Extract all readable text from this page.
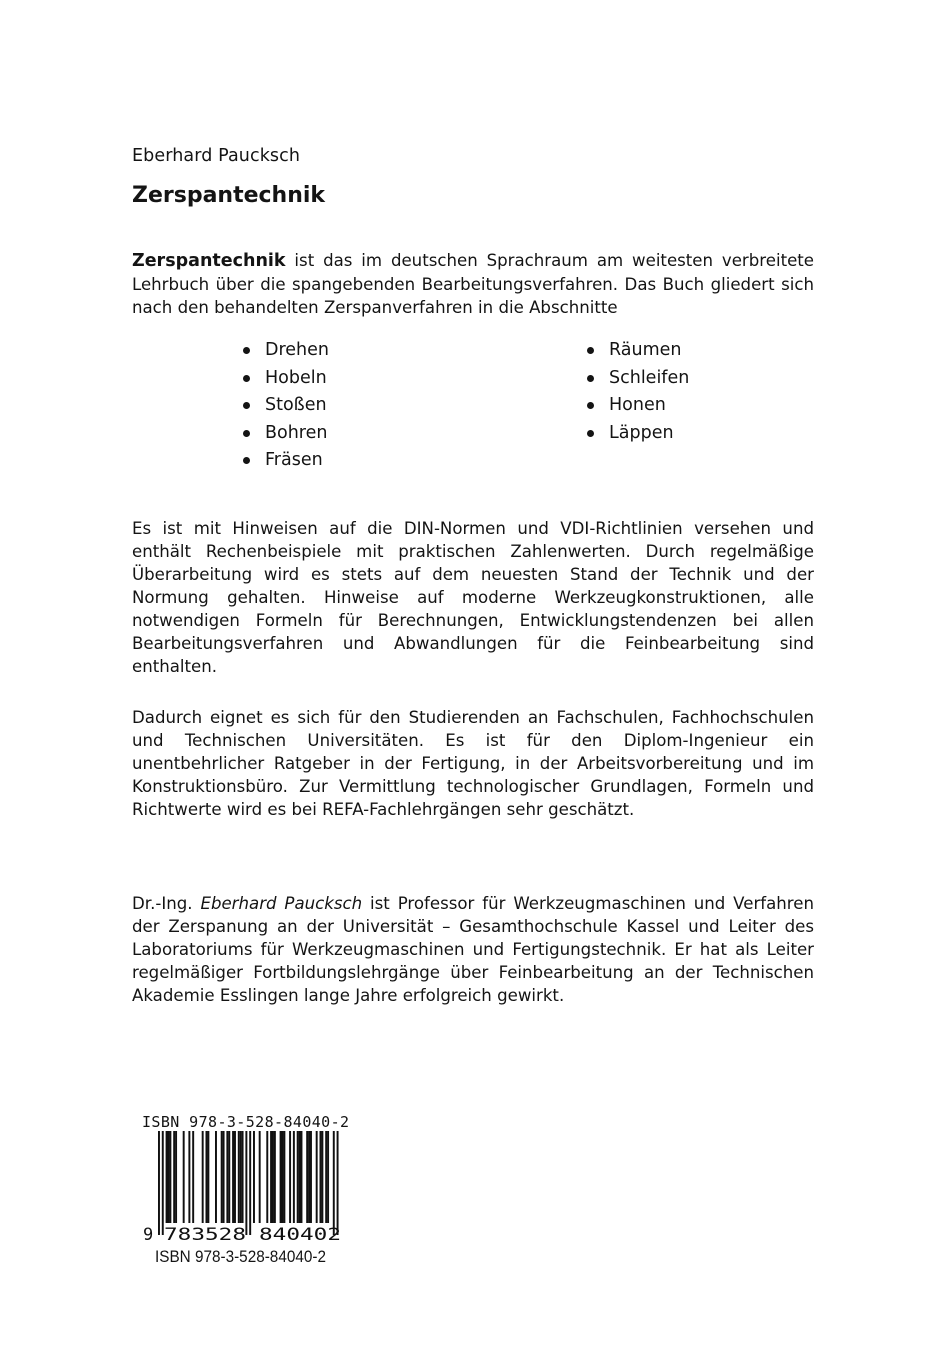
Eberhard Paucksch
Zerspantechnik

Zerspantechnik ist das im deutschen Sprachraum am weitesten verbreitete Lehrbuch über die spangebenden Bearbeitungsverfahren. Das Buch gliedert sich nach den behandelten Zerspanverfahren in die Abschnitte

Drehen
Hobeln
Stoßen
Bohren
Fräsen
Räumen
Schleifen
Honen
Läppen

Es ist mit Hinweisen auf die DIN-Normen und VDI-Richtlinien versehen und enthält Rechenbeispiele mit praktischen Zahlenwerten. Durch regelmäßige Überarbeitung wird es stets auf dem neuesten Stand der Technik und der Normung gehalten. Hinweise auf moderne Werkzeugkonstruktionen, alle notwendigen Formeln für Berechnungen, Entwicklungstendenzen bei allen Bearbeitungsverfahren und Abwandlungen für die Feinbearbeitung sind enthalten.

Dadurch eignet es sich für den Studierenden an Fachschulen, Fachhochschulen und Technischen Universitäten. Es ist für den Diplom-Ingenieur ein unentbehrlicher Ratgeber in der Fertigung, in der Arbeitsvorbereitung und im Konstruktionsbüro. Zur Vermittlung technologischer Grundlagen, Formeln und Richtwerte wird es bei REFA-Fachlehrgängen sehr geschätzt.

Dr.-Ing. Eberhard Paucksch ist Professor für Werkzeugmaschinen und Verfahren der Zerspanung an der Universität – Gesamthochschule Kassel und Leiter des Laboratoriums für Werkzeugmaschinen und Fertigungstechnik. Er hat als Leiter regelmäßiger Fortbildungslehrgänge über Feinbearbeitung an der Technischen Akademie Esslingen lange Jahre erfolgreich gewirkt.

ISBN 978-3-528-84040-2
9 783528 840402
ISBN 978-3-528-84040-2
